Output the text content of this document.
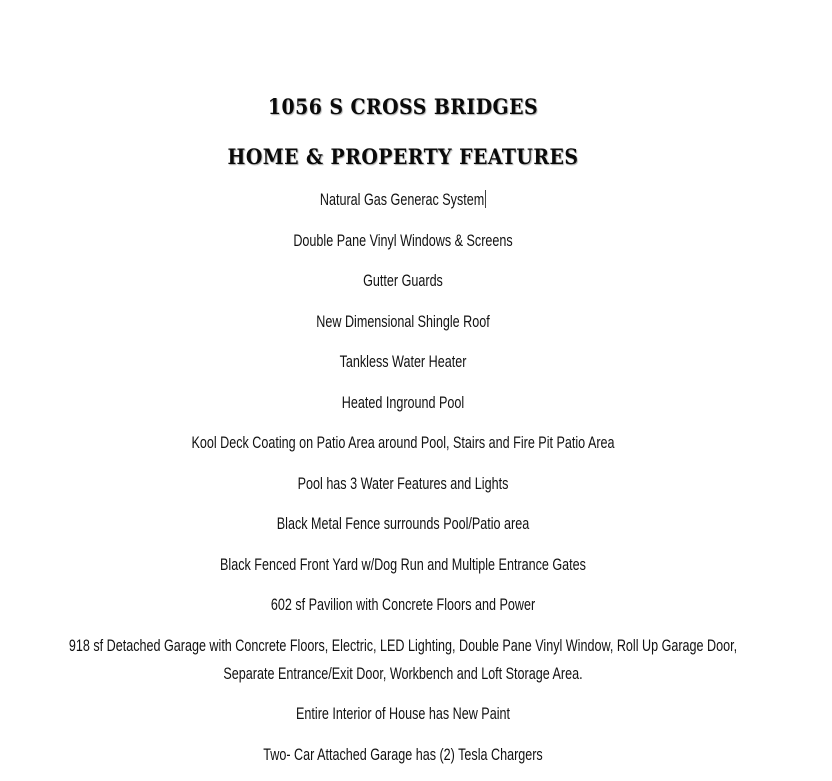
1056 S CROSS BRIDGES
HOME & PROPERTY FEATURES

Natural Gas Generac System

Double Pane Vinyl Windows & Screens

Gutter Guards

New Dimensional Shingle Roof

Tankless Water Heater

Heated Inground Pool

Kool Deck Coating on Patio Area around Pool, Stairs and Fire Pit Patio Area

Pool has 3 Water Features and Lights

Black Metal Fence surrounds Pool/Patio area

Black Fenced Front Yard w/Dog Run and Multiple Entrance Gates

602 sf Pavilion with Concrete Floors and Power

918 sf Detached Garage with Concrete Floors, Electric, LED Lighting, Double Pane Vinyl Window, Roll Up Garage Door,
Separate Entrance/Exit Door, Workbench and Loft Storage Area.

Entire Interior of House has New Paint

Two- Car Attached Garage has (2) Tesla Chargers
